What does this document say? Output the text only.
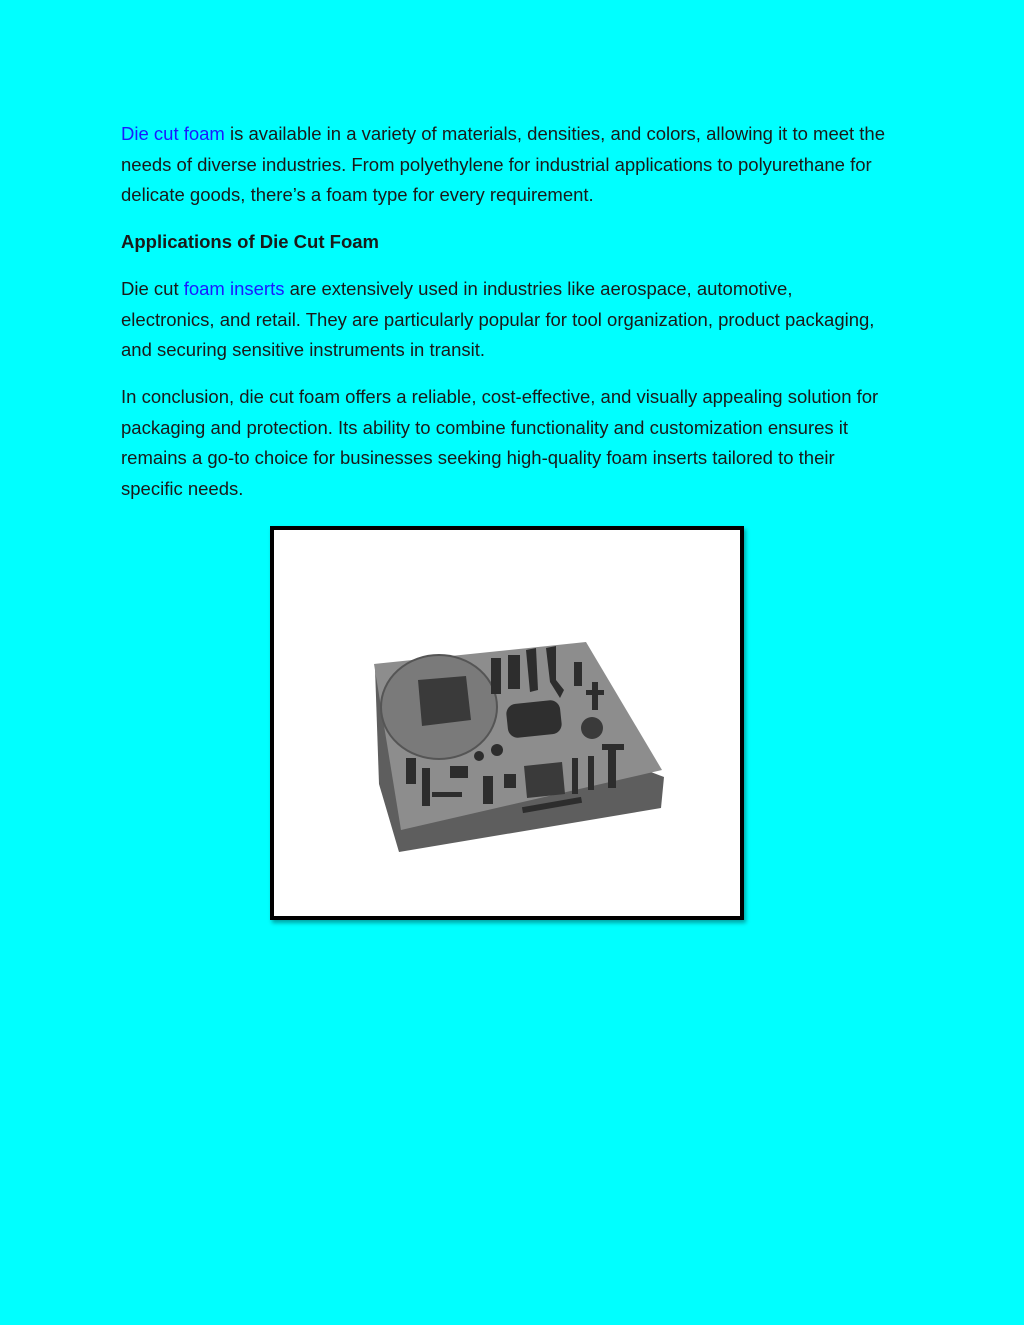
Die cut foam is available in a variety of materials, densities, and colors, allowing it to meet the needs of diverse industries. From polyethylene for industrial applications to polyurethane for delicate goods, there’s a foam type for every requirement.

Applications of Die Cut Foam

Die cut foam inserts are extensively used in industries like aerospace, automotive, electronics, and retail. They are particularly popular for tool organization, product packaging, and securing sensitive instruments in transit.

In conclusion, die cut foam offers a reliable, cost-effective, and visually appealing solution for packaging and protection. Its ability to combine functionality and customization ensures it remains a go-to choice for businesses seeking high-quality foam inserts tailored to their specific needs.
